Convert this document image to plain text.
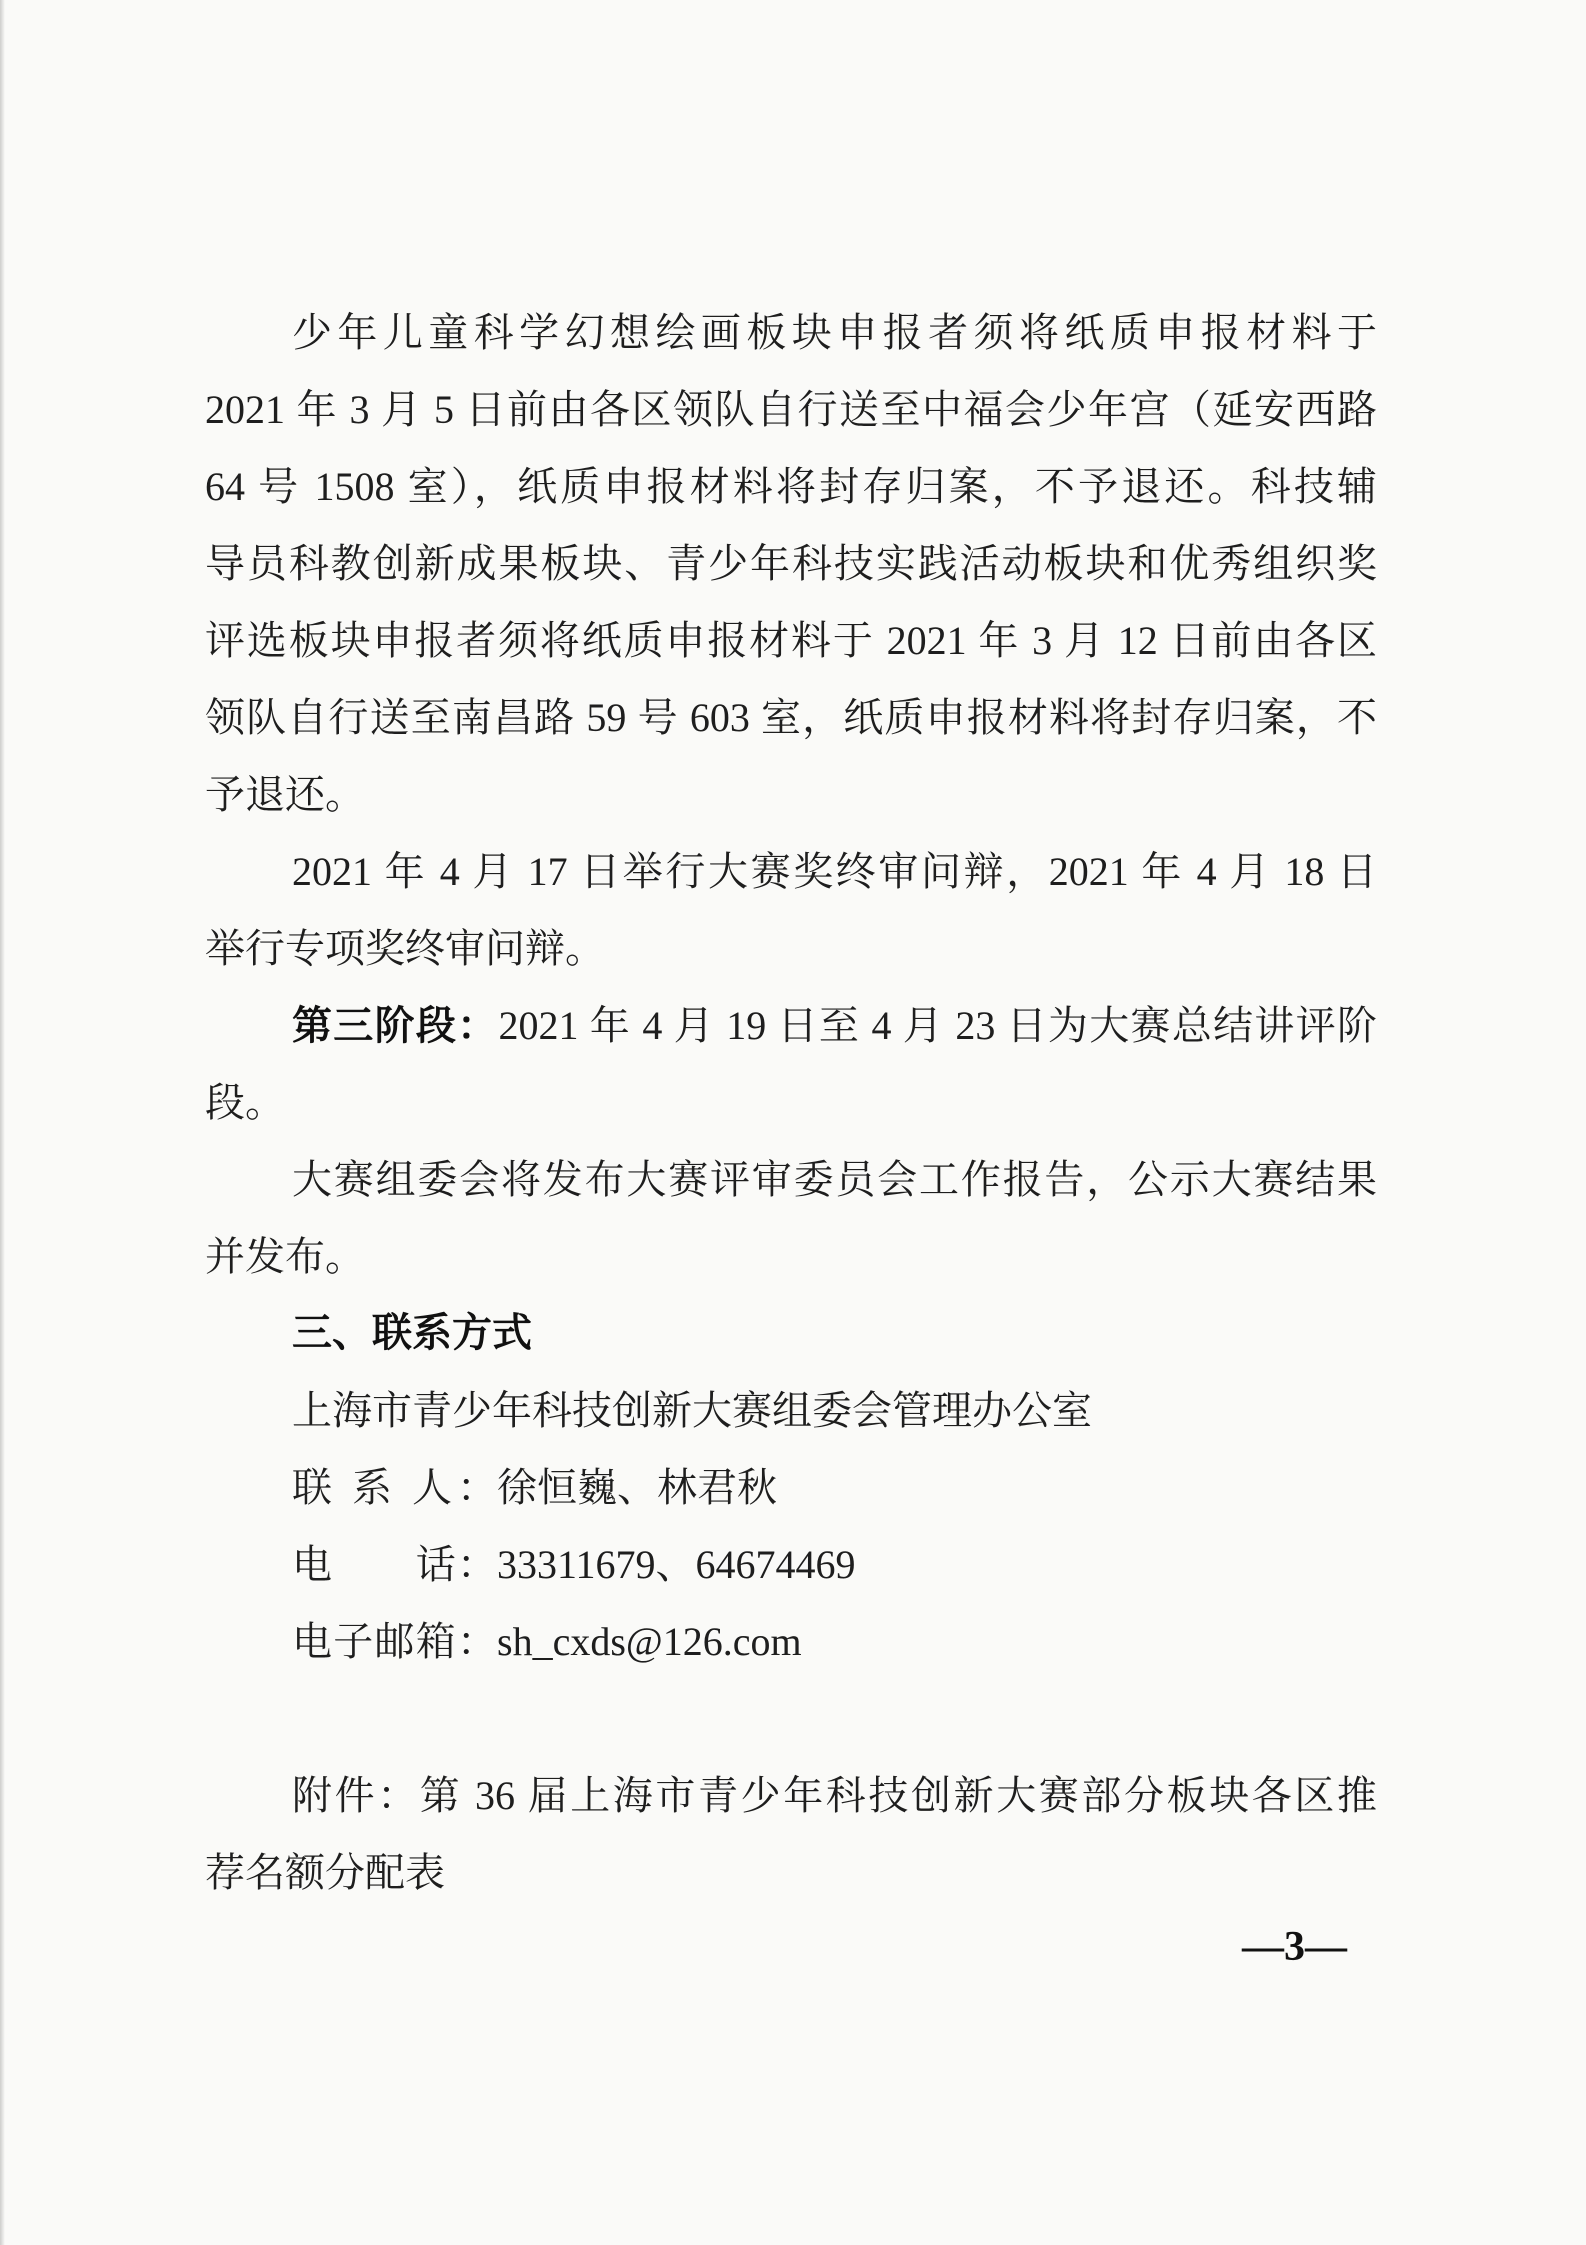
少年儿童科学幻想绘画板块申报者须将纸质申报材料于
2021 年 3 月 5 日前由各区领队自行送至中福会少年宫（延安西路
64 号 1508 室），纸质申报材料将封存归案，不予退还。科技辅
导员科教创新成果板块、青少年科技实践活动板块和优秀组织奖
评选板块申报者须将纸质申报材料于 2021 年 3 月 12 日前由各区
领队自行送至南昌路 59 号 603 室，纸质申报材料将封存归案，不
予退还。
2021 年 4 月 17 日举行大赛奖终审问辩，2021 年 4 月 18 日
举行专项奖终审问辩。
第三阶段：2021 年 4 月 19 日至 4 月 23 日为大赛总结讲评阶
段。
大赛组委会将发布大赛评审委员会工作报告，公示大赛结果
并发布。
三、联系方式
上海市青少年科技创新大赛组委会管理办公室
联 系 人：徐恒巍、林君秋
电　　话：33311679、64674469
电子邮箱：sh_cxds@126.com
附件：第 36 届上海市青少年科技创新大赛部分板块各区推
荐名额分配表
—3—
